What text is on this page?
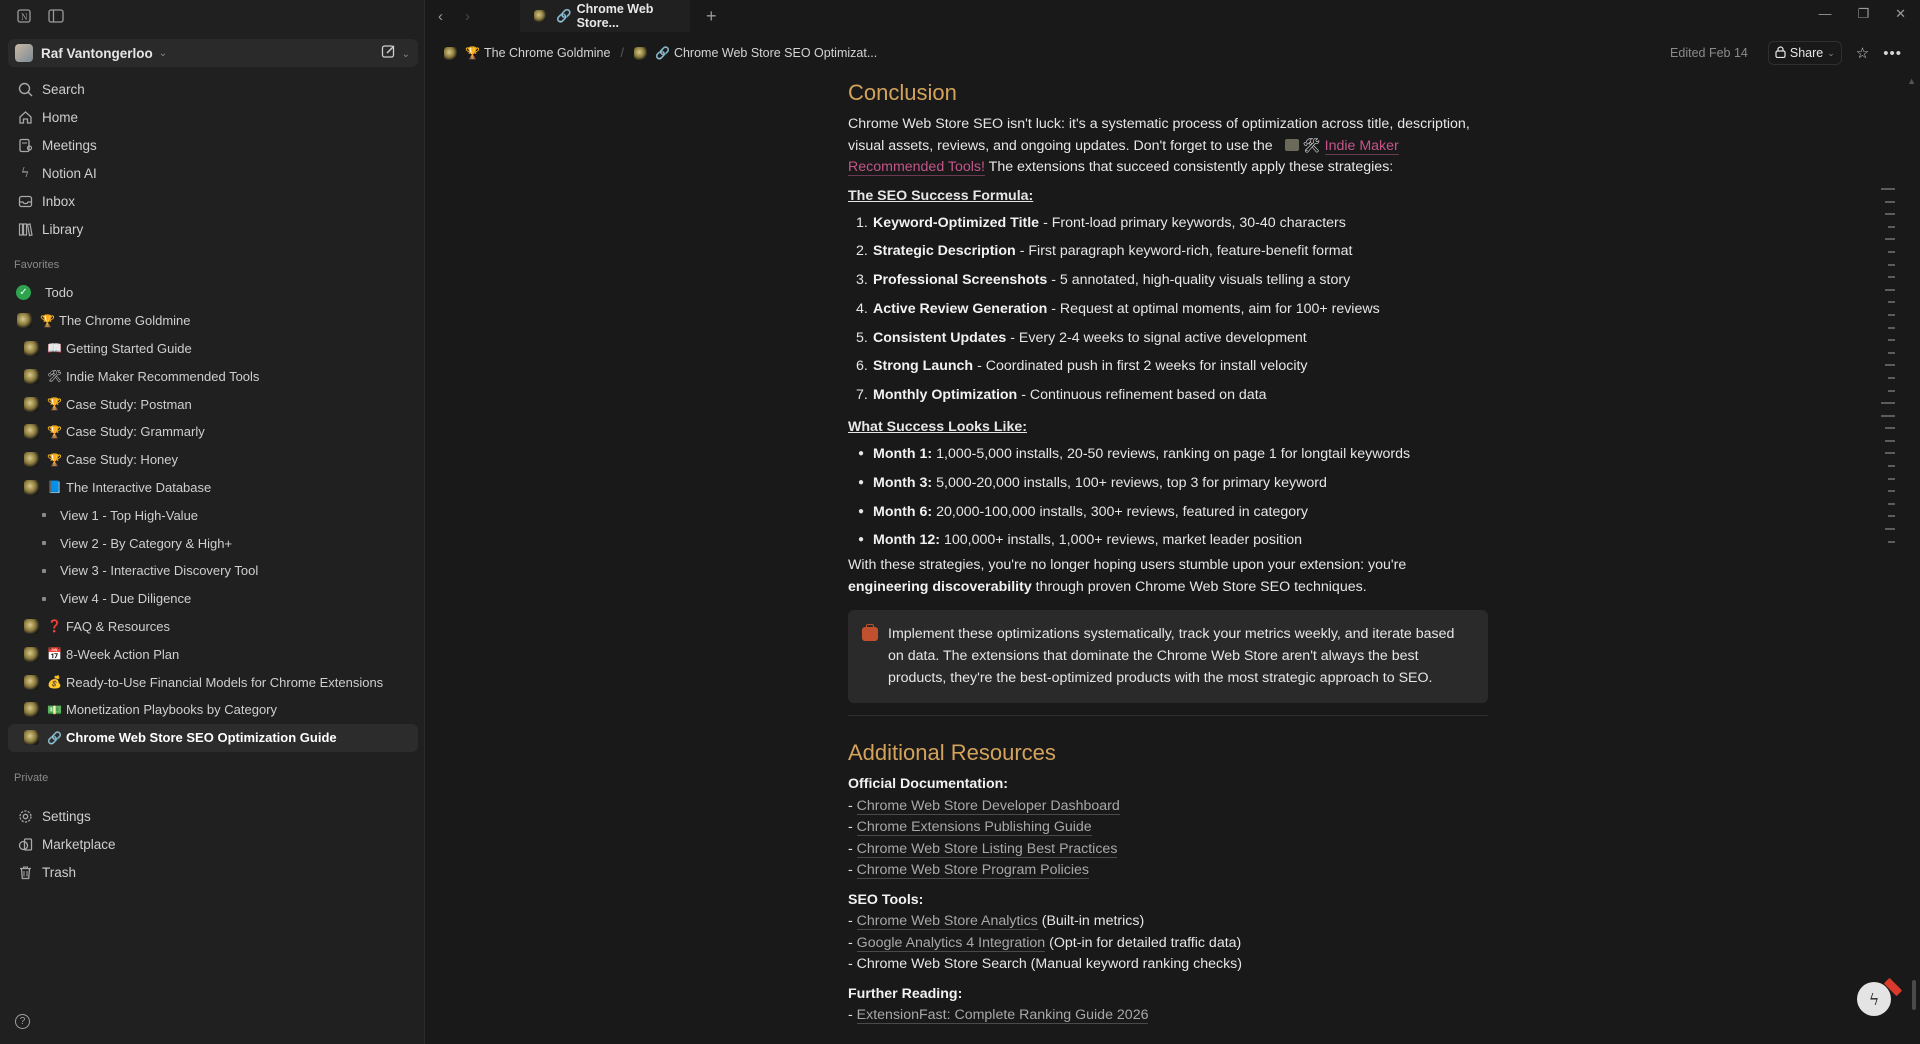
N
Raf Vantongerloo ⌄	⌄
Search
Home
Meetings
ϟ Notion AI
Inbox
Library
Favorites
✓ Todo
🏆 The Chrome Goldmine
📖 Getting Started Guide
🛠 Indie Maker Recommended Tools
🏆 Case Study: Postman
🏆 Case Study: Grammarly
🏆 Case Study: Honey
📘 The Interactive Database
View 1 - Top High-Value
View 2 - By Category & High+
View 3 - Interactive Discovery Tool
View 4 - Due Diligence
❓ FAQ & Resources
📅 8-Week Action Plan
💰 Ready-to-Use Financial Models for Chrome Extensions
💵 Monetization Playbooks by Category
🔗 Chrome Web Store SEO Optimization Guide
Private
Settings
Marketplace
Trash
?
‹ ›	🔗 Chrome Web Store...	+	— ❐ ✕
🏆 The Chrome Goldmine /	🔗 Chrome Web Store SEO Optimizat...	Edited Feb 14	Share ⌄ ☆ •••
Conclusion

Chrome Web Store SEO isn't luck: it's a systematic process of optimization across title, description, visual assets, reviews, and ongoing updates. Don't forget to use the 🛠 Indie Maker Recommended Tools! The extensions that succeed consistently apply these strategies:

The SEO Success Formula:
1. Keyword-Optimized Title - Front-load primary keywords, 30-40 characters
2. Strategic Description - First paragraph keyword-rich, feature-benefit format
3. Professional Screenshots - 5 annotated, high-quality visuals telling a story
4. Active Review Generation - Request at optimal moments, aim for 100+ reviews
5. Consistent Updates - Every 2-4 weeks to signal active development
6. Strong Launch - Coordinated push in first 2 weeks for install velocity
7. Monthly Optimization - Continuous refinement based on data
What Success Looks Like:
● Month 1: 1,000-5,000 installs, 20-50 reviews, ranking on page 1 for longtail keywords
● Month 3: 5,000-20,000 installs, 100+ reviews, top 3 for primary keyword
● Month 6: 20,000-100,000 installs, 300+ reviews, featured in category
● Month 12: 100,000+ installs, 1,000+ reviews, market leader position

With these strategies, you're no longer hoping users stumble upon your extension: you're engineering discoverability through proven Chrome Web Store SEO techniques.

Implement these optimizations systematically, track your metrics weekly, and iterate based on data. The extensions that dominate the Chrome Web Store aren't always the best products, they're the best-optimized products with the most strategic approach to SEO.
Additional Resources
Official Documentation:
- Chrome Web Store Developer Dashboard
- Chrome Extensions Publishing Guide
- Chrome Web Store Listing Best Practices
- Chrome Web Store Program Policies
SEO Tools:
- Chrome Web Store Analytics (Built-in metrics)
- Google Analytics 4 Integration (Opt-in for detailed traffic data)
- Chrome Web Store Search (Manual keyword ranking checks)
Further Reading:
- ExtensionFast: Complete Ranking Guide 2026
▲
ϟ
